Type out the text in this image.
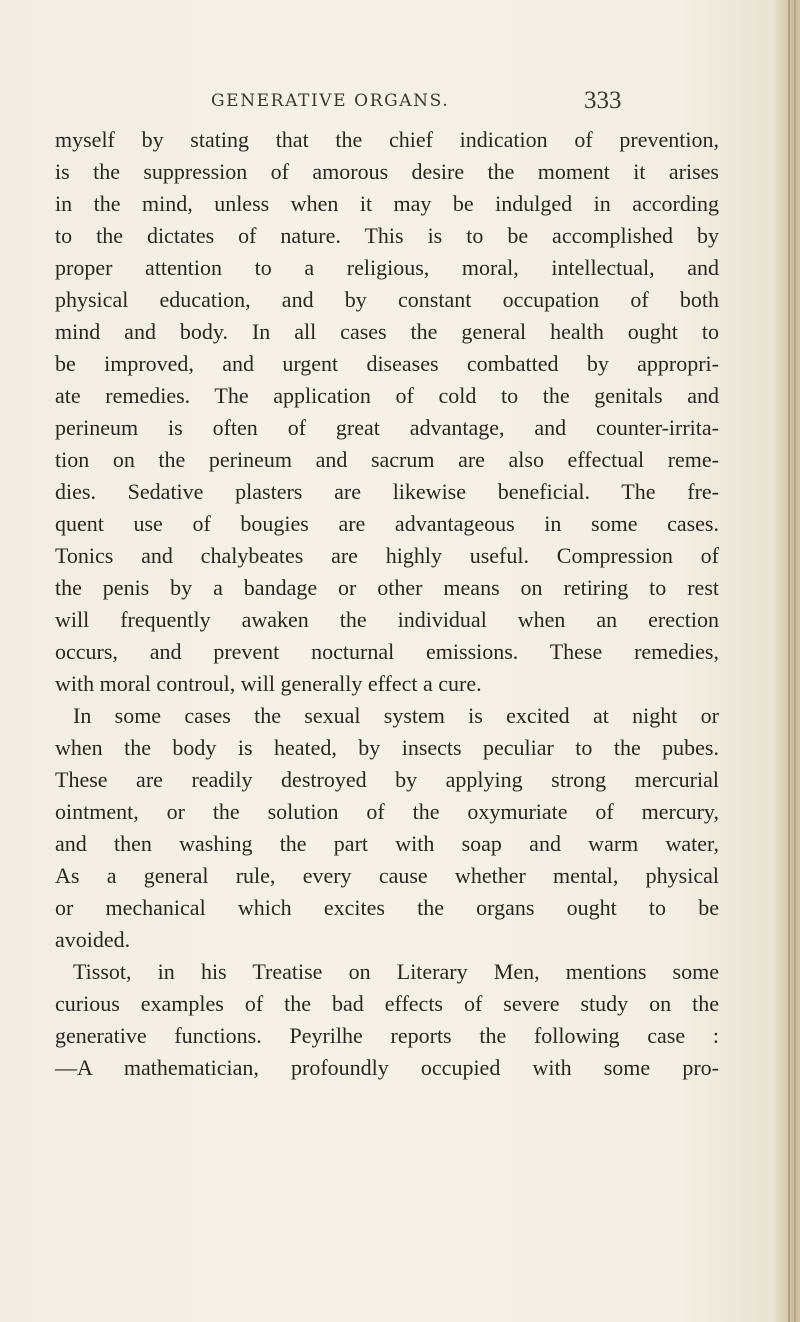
GENERATIVE ORGANS.	333
myself by stating that the chief indication of prevention,
is the suppression of amorous desire the moment it arises
in the mind, unless when it may be indulged in according
to the dictates of nature. This is to be accomplished by
proper attention to a religious, moral, intellectual, and
physical education, and by constant occupation of both
mind and body. In all cases the general health ought to
be improved, and urgent diseases combatted by appropri-
ate remedies. The application of cold to the genitals and
perineum is often of great advantage, and counter-irrita-
tion on the perineum and sacrum are also effectual reme-
dies. Sedative plasters are likewise beneficial. The fre-
quent use of bougies are advantageous in some cases.
Tonics and chalybeates are highly useful. Compression of
the penis by a bandage or other means on retiring to rest
will frequently awaken the individual when an erection
occurs, and prevent nocturnal emissions. These remedies,
with moral controul, will generally effect a cure.
In some cases the sexual system is excited at night or
when the body is heated, by insects peculiar to the pubes.
These are readily destroyed by applying strong mercurial
ointment, or the solution of the oxymuriate of mercury,
and then washing the part with soap and warm water,
As a general rule, every cause whether mental, physical
or mechanical which excites the organs ought to be
avoided.
Tissot, in his Treatise on Literary Men, mentions some
curious examples of the bad effects of severe study on the
generative functions. Peyrilhe reports the following case :
—A mathematician, profoundly occupied with some pro-
